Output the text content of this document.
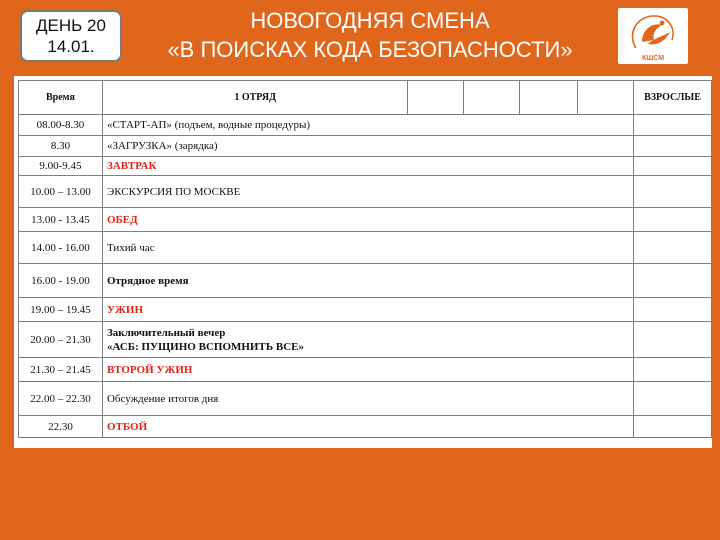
ДЕНЬ 20
14.01.
НОВОГОДНЯЯ СМЕНА
«В ПОИСКАХ КОДА БЕЗОПАСНОСТИ»	КШСМ
Время	1 ОТРЯД					ВЗРОСЛЫЕ
08.00-8.30	«СТАРТ-АП» (подъем, водные процедуры)					
8.30	«ЗАГРУЗКА» (зарядка)					
9.00-9.45	ЗАВТРАК					
10.00 – 13.00	ЭКСКУРСИЯ ПО МОСКВЕ					
13.00 - 13.45	ОБЕД					
14.00 - 16.00	Тихий час					
16.00 - 19.00	Отрядное время					
19.00 – 19.45	УЖИН					
20.00 – 21.30	Заключительный вечер
«АСБ: ПУЩИНО ВСПОМНИТЬ ВСЕ»					

21.30 – 21.45	ВТОРОЙ УЖИН					
22.00 – 22.30	Обсуждение итогов дня					
22.30	ОТБОЙ					
